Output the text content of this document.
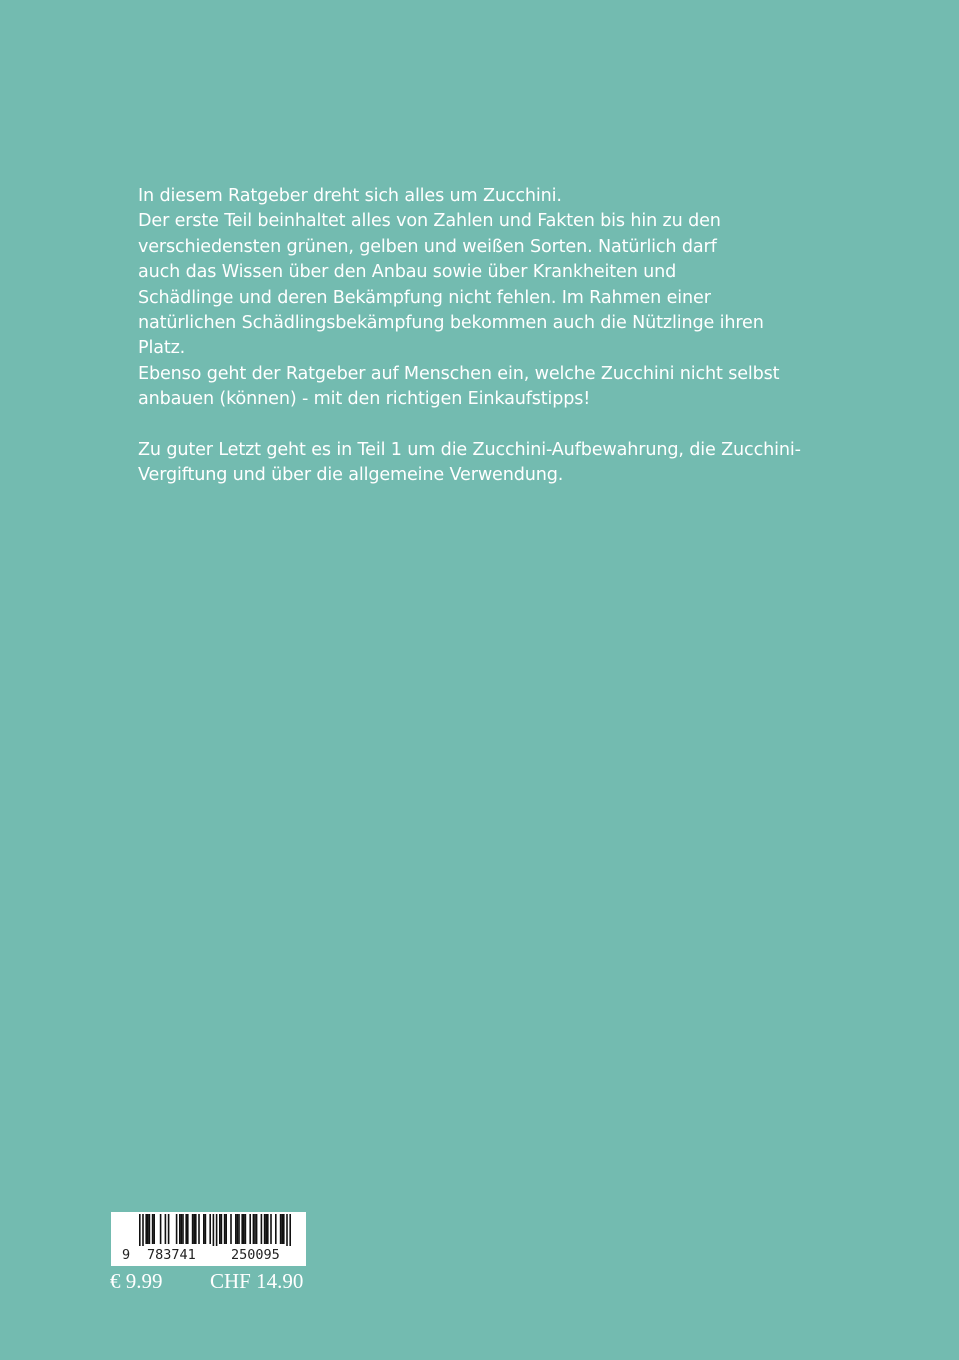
In diesem Ratgeber dreht sich alles um Zucchini.
Der erste Teil beinhaltet alles von Zahlen und Fakten bis hin zu den
verschiedensten grünen, gelben und weißen Sorten. Natürlich darf
auch das Wissen über den Anbau sowie über Krankheiten und
Schädlinge und deren Bekämpfung nicht fehlen. Im Rahmen einer
natürlichen Schädlingsbekämpfung bekommen auch die Nützlinge ihren
Platz.
Ebenso geht der Ratgeber auf Menschen ein, welche Zucchini nicht selbst
anbauen (können) - mit den richtigen Einkaufstipps!
Zu guter Letzt geht es in Teil 1 um die Zucchini-Aufbewahrung, die Zucchini-
Vergiftung und über die allgemeine Verwendung.
9 783741	250095
€ 9.99 CHF 14.90
